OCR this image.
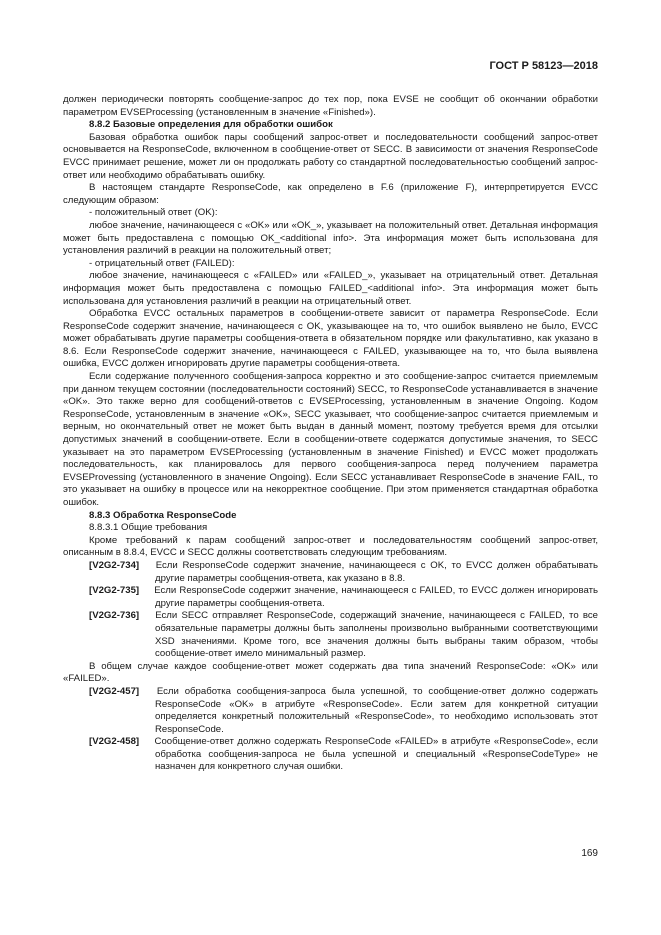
ГОСТ Р 58123—2018

должен периодически повторять сообщение-запрос до тех пор, пока EVSE не сообщит об окончании обработки параметром EVSEProcessing (установленным в значение «Finished»).

8.8.2 Базовые определения для обработки ошибок

Базовая обработка ошибок пары сообщений запрос-ответ и последовательности сообщений запрос-ответ основывается на ResponseCode, включенном в сообщение-ответ от SECC. В зависимости от значения ResponseCode EVCC принимает решение, может ли он продолжать работу со стандартной последовательностью сообщений запрос-ответ или необходимо обрабатывать ошибку.

В настоящем стандарте ResponseCode, как определено в F.6 (приложение F), интерпретируется EVCC следующим образом:

- положительный ответ (OK):

любое значение, начинающееся с «OK» или «OK_», указывает на положительный ответ. Детальная информация может быть предоставлена с помощью OK_<additional info>. Эта информация может быть использована для установления различий в реакции на положительный ответ;

- отрицательный ответ (FAILED):

любое значение, начинающееся с «FAILED» или «FAILED_», указывает на отрицательный ответ. Детальная информация может быть предоставлена с помощью FAILED_<additional info>. Эта информация может быть использована для установления различий в реакции на отрицательный ответ.

Обработка EVCC остальных параметров в сообщении-ответе зависит от параметра ResponseCode. Если ResponseCode содержит значение, начинающееся с OK, указывающее на то, что ошибок выявлено не было, EVCC может обрабатывать другие параметры сообщения-ответа в обязательном порядке или факультативно, как указано в 8.6. Если ResponseCode содержит значение, начинающееся с FAILED, указывающее на то, что была выявлена ошибка, EVCC должен игнорировать другие параметры сообщения-ответа.

Если содержание полученного сообщения-запроса корректно и это сообщение-запрос считается приемлемым при данном текущем состоянии (последовательности состояний) SECC, то ResponseCode устанавливается в значение «OK». Это также верно для сообщений-ответов с EVSEProcessing, установленным в значение Ongoing. Кодом ResponseCode, установленным в значение «OK», SECC указывает, что сообщение-запрос считается приемлемым и верным, но окончательный ответ не может быть выдан в данный момент, поэтому требуется время для отсылки допустимых значений в сообщении-ответе. Если в сообщении-ответе содержатся допустимые значения, то SECC указывает на это параметром EVSEProcessing (установленным в значение Finished) и EVCC может продолжать последовательность, как планировалось для первого сообщения-запроса перед получением параметра EVSEProvessing (установленного в значение Ongoing). Если SECC устанавливает ResponseCode в значение FAIL, то это указывает на ошибку в процессе или на некорректное сообщение. При этом применяется стандартная обработка ошибок.

8.8.3 Обработка ResponseCode

8.8.3.1 Общие требования

Кроме требований к парам сообщений запрос-ответ и последовательностям сообщений запрос-ответ, описанным в 8.8.4, EVCC и SECC должны соответствовать следующим требованиям.

[V2G2-734] Если ResponseCode содержит значение, начинающееся с OK, то EVCC должен обрабатывать другие параметры сообщения-ответа, как указано в 8.8.

[V2G2-735] Если ResponseCode содержит значение, начинающееся с FAILED, то EVCC должен игнорировать другие параметры сообщения-ответа.

[V2G2-736] Если SECC отправляет ResponseCode, содержащий значение, начинающееся с FAILED, то все обязательные параметры должны быть заполнены произвольно выбранными соответствующими XSD значениями. Кроме того, все значения должны быть выбраны таким образом, чтобы сообщение-ответ имело минимальный размер.

В общем случае каждое сообщение-ответ может содержать два типа значений ResponseCode: «OK» или «FAILED».

[V2G2-457] Если обработка сообщения-запроса была успешной, то сообщение-ответ должно содержать ResponseCode «OK» в атрибуте «ResponseCode». Если затем для конкретной ситуации определяется конкретный положительный «ResponseCode», то необходимо использовать этот ResponseCode.

[V2G2-458] Сообщение-ответ должно содержать ResponseCode «FAILED» в атрибуте «ResponseCode», если обработка сообщения-запроса не была успешной и специальный «ResponseCodeType» не назначен для конкретного случая ошибки.

169
